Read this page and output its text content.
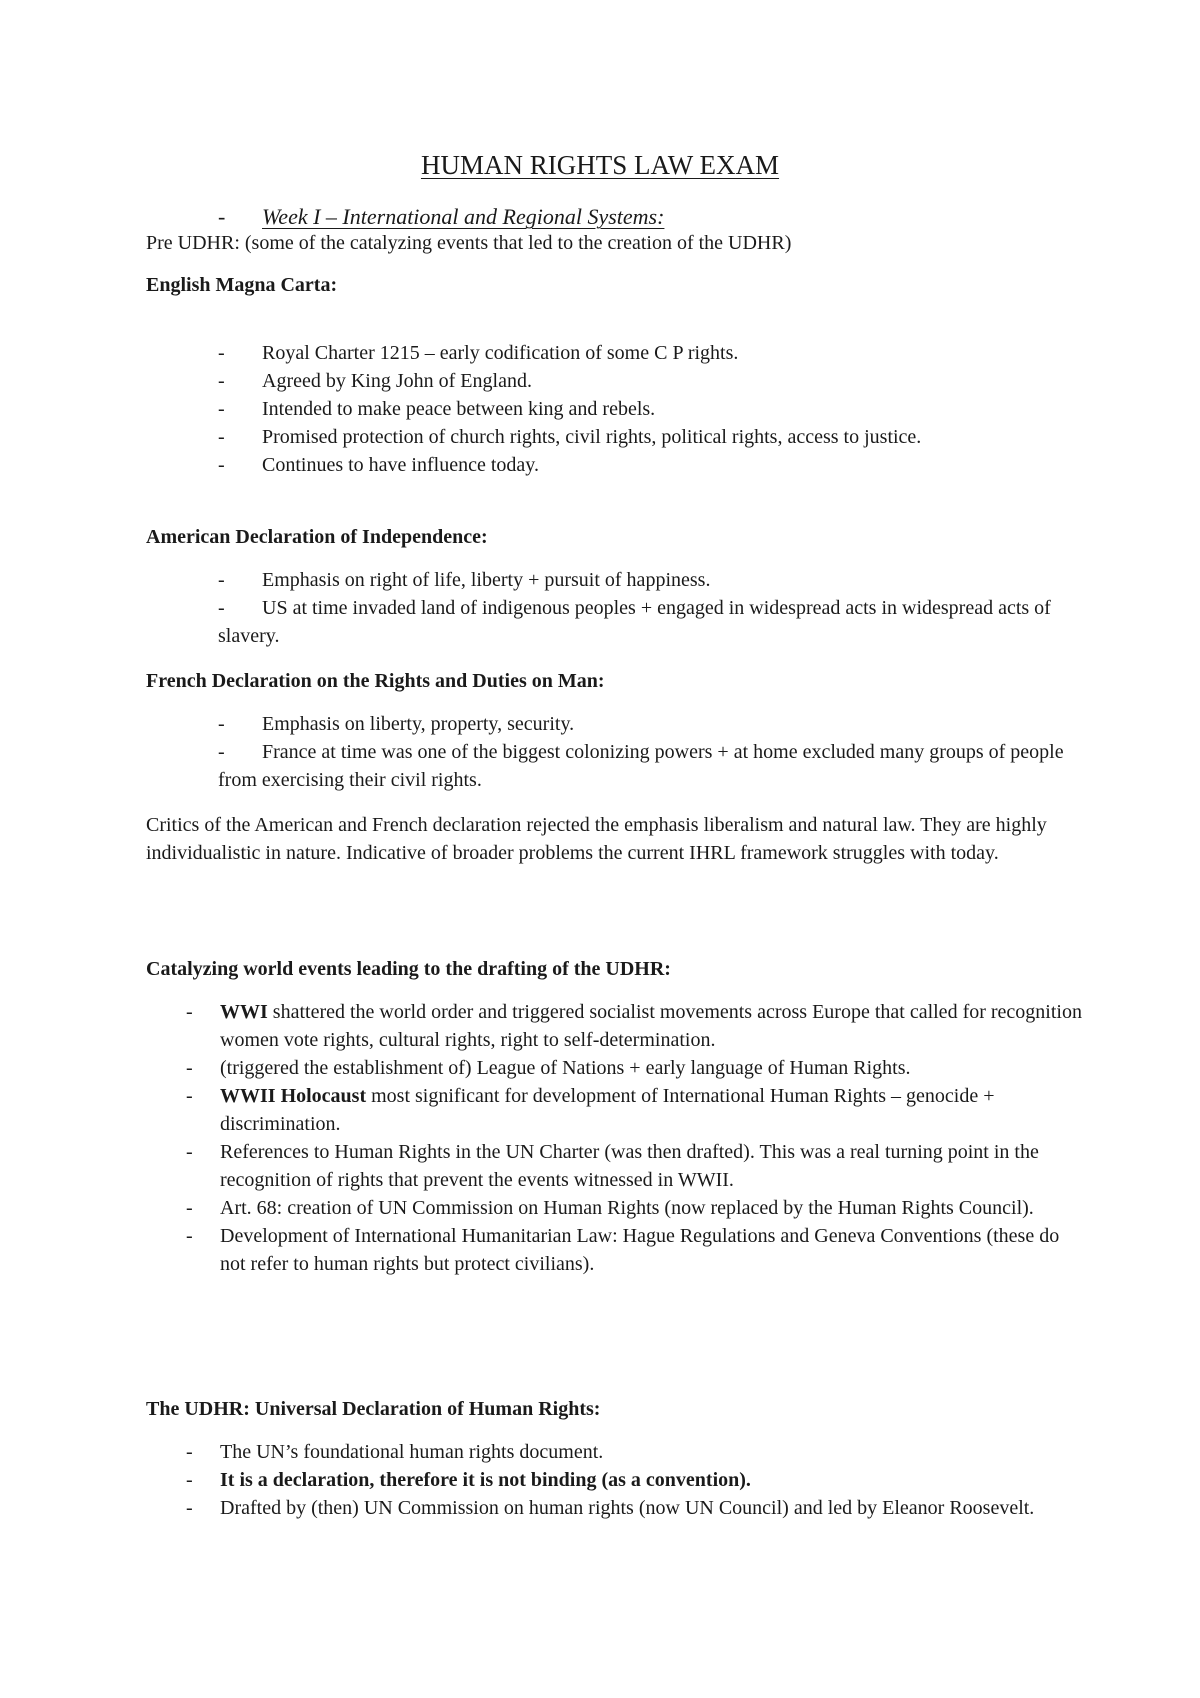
HUMAN RIGHTS LAW EXAM
- Week I – International and Regional Systems:

Pre UDHR: (some of the catalyzing events that led to the creation of the UDHR)

English Magna Carta:

- Royal Charter 1215 – early codification of some C P rights.
- Agreed by King John of England.
- Intended to make peace between king and rebels.
- Promised protection of church rights, civil rights, political rights, access to justice.
- Continues to have influence today.

American Declaration of Independence:

- Emphasis on right of life, liberty + pursuit of happiness.
- US at time invaded land of indigenous peoples + engaged in widespread acts in widespread acts of slavery.

French Declaration on the Rights and Duties on Man:

- Emphasis on liberty, property, security.
- France at time was one of the biggest colonizing powers + at home excluded many groups of people from exercising their civil rights.

Critics of the American and French declaration rejected the emphasis liberalism and natural law. They are highly individualistic in nature. Indicative of broader problems the current IHRL framework struggles with today.

Catalyzing world events leading to the drafting of the UDHR:

- WWI shattered the world order and triggered socialist movements across Europe that called for recognition women vote rights, cultural rights, right to self-determination.
- (triggered the establishment of) League of Nations + early language of Human Rights.
- WWII Holocaust most significant for development of International Human Rights – genocide + discrimination.
- References to Human Rights in the UN Charter (was then drafted). This was a real turning point in the recognition of rights that prevent the events witnessed in WWII.
- Art. 68: creation of UN Commission on Human Rights (now replaced by the Human Rights Council).
- Development of International Humanitarian Law: Hague Regulations and Geneva Conventions (these do not refer to human rights but protect civilians).

The UDHR: Universal Declaration of Human Rights:

- The UN’s foundational human rights document.
- It is a declaration, therefore it is not binding (as a convention).
- Drafted by (then) UN Commission on human rights (now UN Council) and led by Eleanor Roosevelt.
